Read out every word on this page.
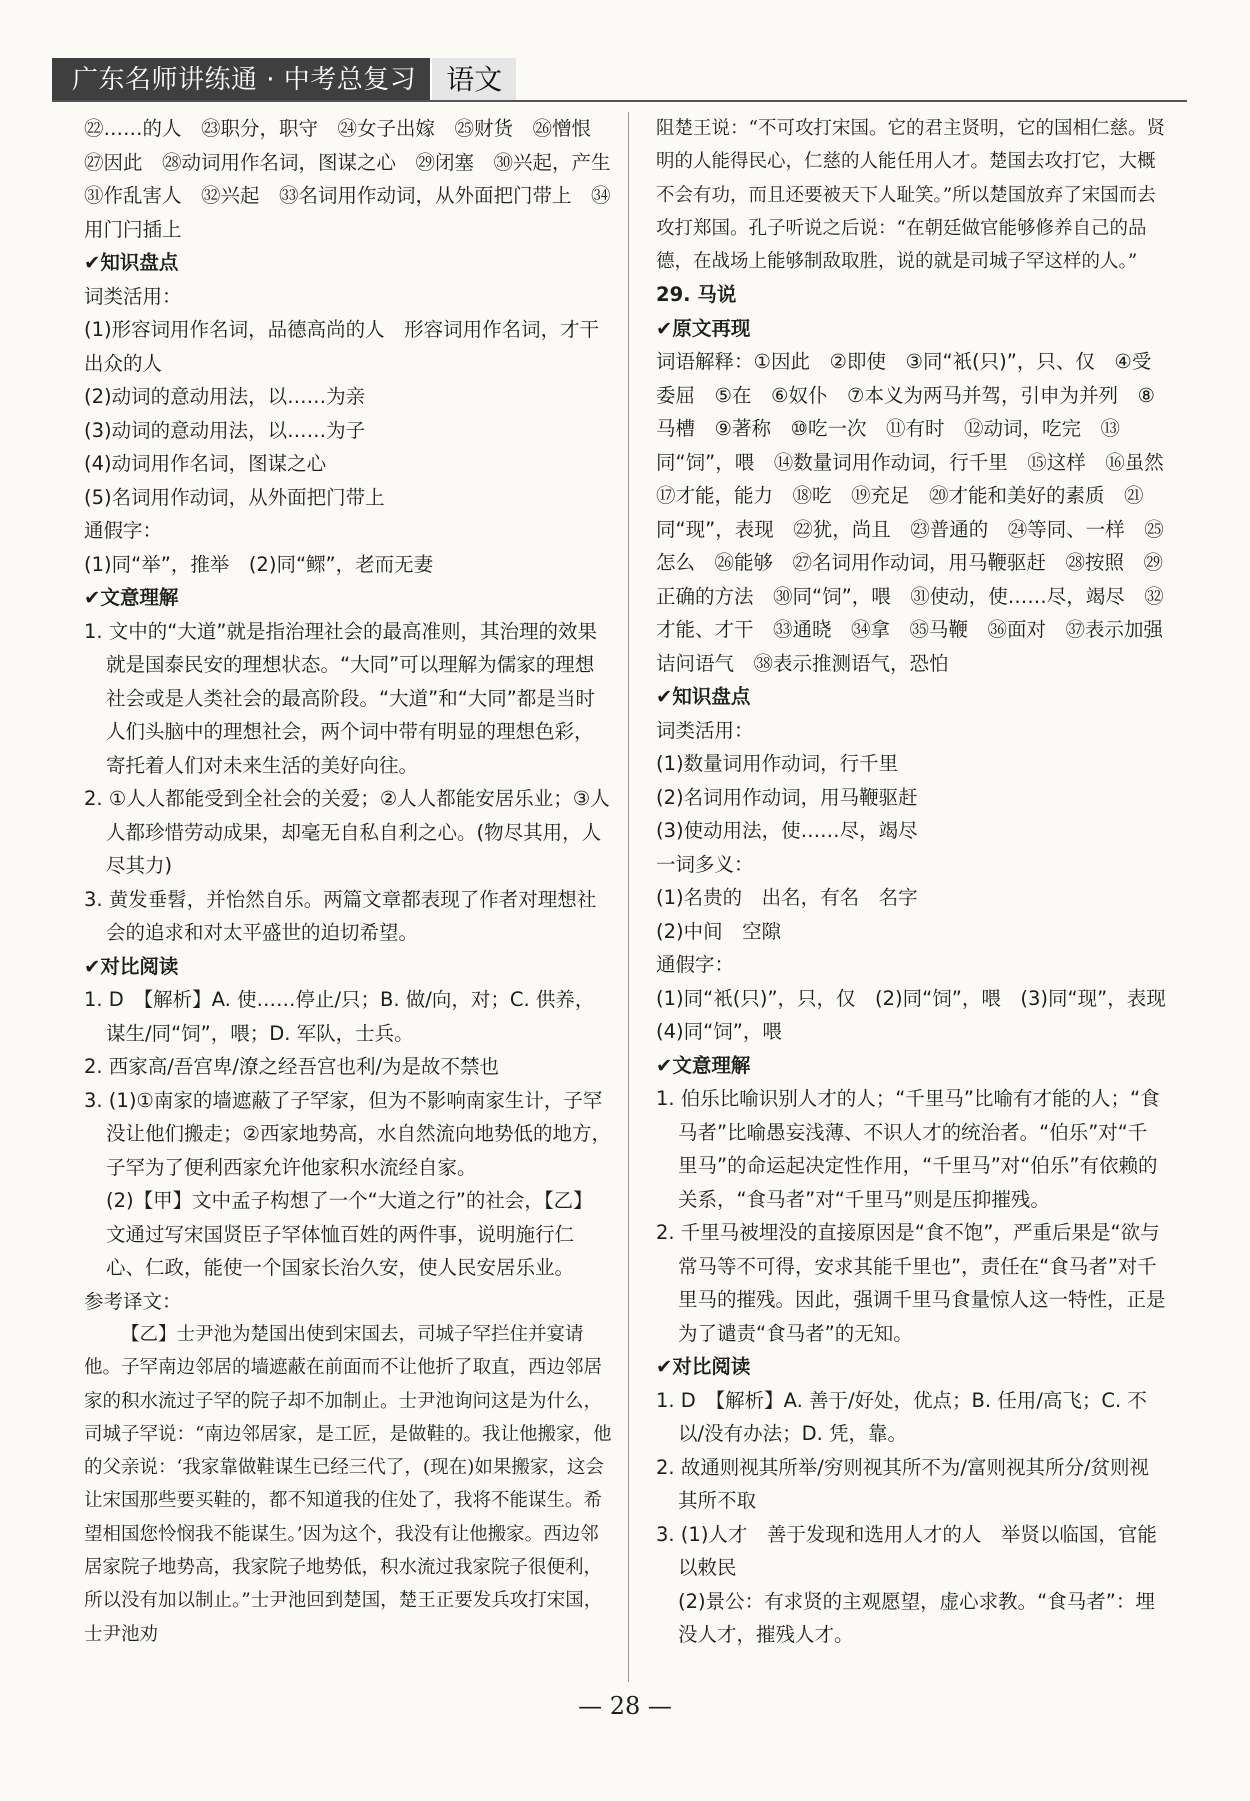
广东名师讲练通 · 中考总复习	语文

㉒……的人　㉓职分，职守　㉔女子出嫁　㉕财货　㉖憎恨　㉗因此　㉘动词用作名词，图谋之心　㉙闭塞　㉚兴起，产生　㉛作乱害人　㉜兴起　㉝名词用作动词，从外面把门带上　㉞用门闩插上

✔知识盘点

词类活用：

(1)形容词用作名词，品德高尚的人　形容词用作名词，才干出众的人

(2)动词的意动用法，以……为亲

(3)动词的意动用法，以……为子

(4)动词用作名词，图谋之心

(5)名词用作动词，从外面把门带上

通假字：

(1)同“举”，推举　(2)同“鳏”，老而无妻

✔文意理解

1. 文中的“大道”就是指治理社会的最高准则，其治理的效果就是国泰民安的理想状态。“大同”可以理解为儒家的理想社会或是人类社会的最高阶段。“大道”和“大同”都是当时人们头脑中的理想社会，两个词中带有明显的理想色彩，寄托着人们对未来生活的美好向往。

2. ①人人都能受到全社会的关爱；②人人都能安居乐业；③人人都珍惜劳动成果，却毫无自私自利之心。(物尽其用，人尽其力)

3. 黄发垂髫，并怡然自乐。两篇文章都表现了作者对理想社会的追求和对太平盛世的迫切希望。

✔对比阅读

1. D　【解析】A. 使……停止/只；B. 做/向，对；C. 供养，谋生/同“饲”，喂；D. 军队，士兵。

2. 西家高/吾宫卑/潦之经吾宫也利/为是故不禁也

3. (1)①南家的墙遮蔽了子罕家，但为不影响南家生计，子罕没让他们搬走；②西家地势高，水自然流向地势低的地方，子罕为了便利西家允许他家积水流经自家。

(2)【甲】文中孟子构想了一个“大道之行”的社会，【乙】文通过写宋国贤臣子罕体恤百姓的两件事，说明施行仁心、仁政，能使一个国家长治久安，使人民安居乐业。

参考译文：

【乙】士尹池为楚国出使到宋国去，司城子罕拦住并宴请他。子罕南边邻居的墙遮蔽在前面而不让他折了取直，西边邻居家的积水流过子罕的院子却不加制止。士尹池询问这是为什么，司城子罕说：“南边邻居家，是工匠，是做鞋的。我让他搬家，他的父亲说：‘我家靠做鞋谋生已经三代了，(现在)如果搬家，这会让宋国那些要买鞋的，都不知道我的住处了，我将不能谋生。希望相国您怜悯我不能谋生。’因为这个，我没有让他搬家。西边邻居家院子地势高，我家院子地势低，积水流过我家院子很便利，所以没有加以制止。”士尹池回到楚国，楚王正要发兵攻打宋国，士尹池劝

阻楚王说：“不可攻打宋国。它的君主贤明，它的国相仁慈。贤明的人能得民心，仁慈的人能任用人才。楚国去攻打它，大概不会有功，而且还要被天下人耻笑。”所以楚国放弃了宋国而去攻打郑国。孔子听说之后说：“在朝廷做官能够修养自己的品德，在战场上能够制敌取胜，说的就是司城子罕这样的人。”

29. 马说

✔原文再现

词语解释：①因此　②即使　③同“衹(只)”，只、仅　④受委屈　⑤在　⑥奴仆　⑦本义为两马并驾，引申为并列　⑧马槽　⑨著称　⑩吃一次　⑪有时　⑫动词，吃完　⑬同“饲”，喂　⑭数量词用作动词，行千里　⑮这样　⑯虽然　⑰才能，能力　⑱吃　⑲充足　⑳才能和美好的素质　㉑同“现”，表现　㉒犹，尚且　㉓普通的　㉔等同、一样　㉕怎么　㉖能够　㉗名词用作动词，用马鞭驱赶　㉘按照　㉙正确的方法　㉚同“饲”，喂　㉛使动，使……尽，竭尽　㉜才能、才干　㉝通晓　㉞拿　㉟马鞭　㊱面对　㊲表示加强诘问语气　㊳表示推测语气，恐怕

✔知识盘点

词类活用：

(1)数量词用作动词，行千里

(2)名词用作动词，用马鞭驱赶

(3)使动用法，使……尽，竭尽

一词多义：

(1)名贵的　出名，有名　名字

(2)中间　空隙

通假字：

(1)同“衹(只)”，只，仅　(2)同“饲”，喂　(3)同“现”，表现　(4)同“饲”，喂

✔文意理解

1. 伯乐比喻识别人才的人；“千里马”比喻有才能的人；“食马者”比喻愚妄浅薄、不识人才的统治者。“伯乐”对“千里马”的命运起决定性作用，“千里马”对“伯乐”有依赖的关系，“食马者”对“千里马”则是压抑摧残。

2. 千里马被埋没的直接原因是“食不饱”，严重后果是“欲与常马等不可得，安求其能千里也”，责任在“食马者”对千里马的摧残。因此，强调千里马食量惊人这一特性，正是为了谴责“食马者”的无知。

✔对比阅读

1. D　【解析】A. 善于/好处，优点；B. 任用/高飞；C. 不以/没有办法；D. 凭，靠。

2. 故通则视其所举/穷则视其所不为/富则视其所分/贫则视其所不取

3. (1)人才　善于发现和选用人才的人　举贤以临国，官能以敕民

(2)景公：有求贤的主观愿望，虚心求教。“食马者”：埋没人才，摧残人才。

— 28 —
